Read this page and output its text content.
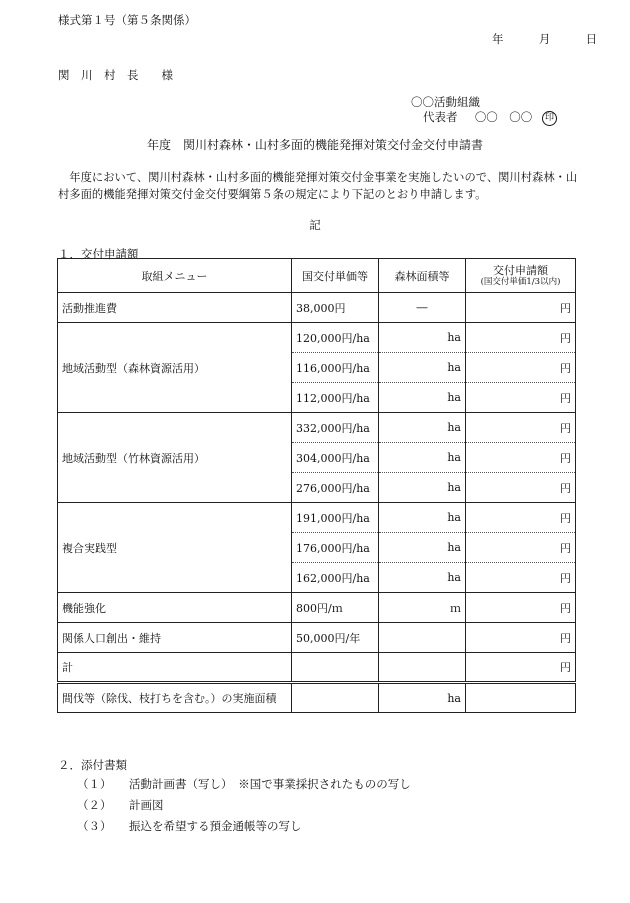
様式第１号（第５条関係）
年	月	日
関　川　村　長　　様
〇〇活動組織
代表者 〇〇　〇〇 印
年度　関川村森林・山村多面的機能発揮対策交付金交付申請書
　年度において、関川村森林・山村多面的機能発揮対策交付金事業を実施したいので、関川村森林・山村多面的機能発揮対策交付金交付要綱第５条の規定により下記のとおり申請します。
記
１．交付申請額
取組メニュー	国交付単価等	森林面積等	交付申請額
(国交付単価1/3以内)

活動推進費	38,000円	―	円
地域活動型（森林資源活用）	120,000円/ha	ha	円
	116,000円/ha	ha	円
	112,000円/ha	ha	円
地域活動型（竹林資源活用）	332,000円/ha	ha	円
	304,000円/ha	ha	円
	276,000円/ha	ha	円
複合実践型	191,000円/ha	ha	円
	176,000円/ha	ha	円
	162,000円/ha	ha	円
機能強化	800円/ｍ	ｍ	円
関係人口創出・維持	50,000円/年		円
計			円
間伐等（除伐、枝打ちを含む。）の実施面積		ha	
２．添付書類
（１） 活動計画書（写し）　※国で事業採択されたものの写し
（２） 計画図
（３） 振込を希望する預金通帳等の写し
